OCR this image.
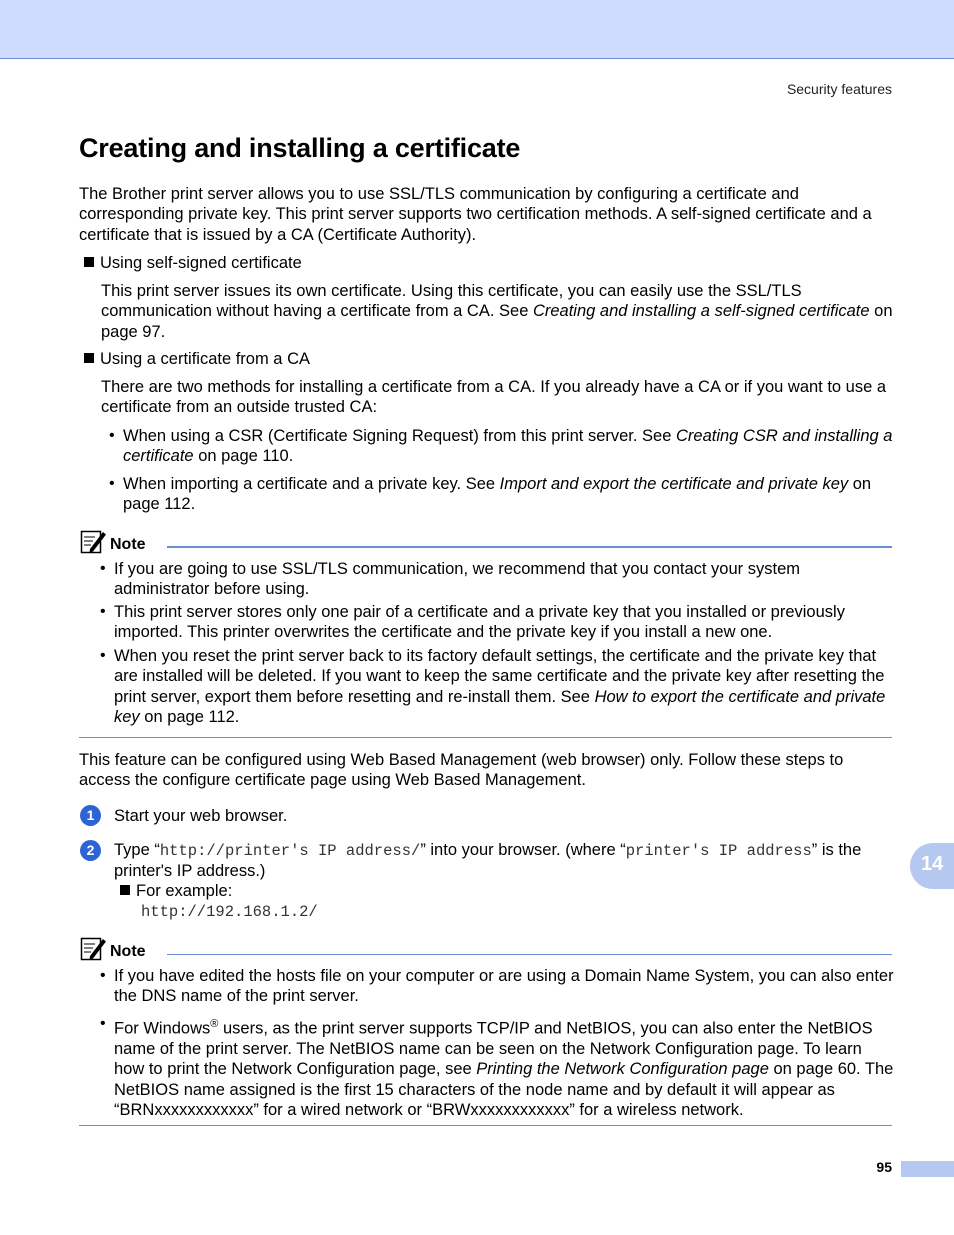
Security features
Creating and installing a certificate

The Brother print server allows you to use SSL/TLS communication by configuring a certificate and corresponding private key. This print server supports two certification methods. A self-signed certificate and a certificate that is issued by a CA (Certificate Authority).

Using self-signed certificate

This print server issues its own certificate. Using this certificate, you can easily use the SSL/TLS communication without having a certificate from a CA. See Creating and installing a self-signed certificate on page 97.

Using a certificate from a CA

There are two methods for installing a certificate from a CA. If you already have a CA or if you want to use a certificate from an outside trusted CA:

• When using a CSR (Certificate Signing Request) from this print server. See Creating CSR and installing a certificate on page 110.

• When importing a certificate and a private key. See Import and export the certificate and private key on page 112.

Note
• If you are going to use SSL/TLS communication, we recommend that you contact your system administrator before using.

• This print server stores only one pair of a certificate and a private key that you installed or previously imported. This printer overwrites the certificate and the private key if you install a new one.

• When you reset the print server back to its factory default settings, the certificate and the private key that are installed will be deleted. If you want to keep the same certificate and the private key after resetting the print server, export them before resetting and re-install them. See How to export the certificate and private key on page 112.

This feature can be configured using Web Based Management (web browser) only. Follow these steps to access the configure certificate page using Web Based Management.

1	Start your web browser.

2	Type “http://printer's IP address/” into your browser. (where “printer's IP address” is the printer's IP address.)

For example:

http://192.168.1.2/

Note
• If you have edited the hosts file on your computer or are using a Domain Name System, you can also enter the DNS name of the print server.

• For Windows® users, as the print server supports TCP/IP and NetBIOS, you can also enter the NetBIOS name of the print server. The NetBIOS name can be seen on the Network Configuration page. To learn how to print the Network Configuration page, see Printing the Network Configuration page on page 60. The NetBIOS name assigned is the first 15 characters of the node name and by default it will appear as “BRNxxxxxxxxxxxx” for a wired network or “BRWxxxxxxxxxxxx” for a wireless network.

14
95
